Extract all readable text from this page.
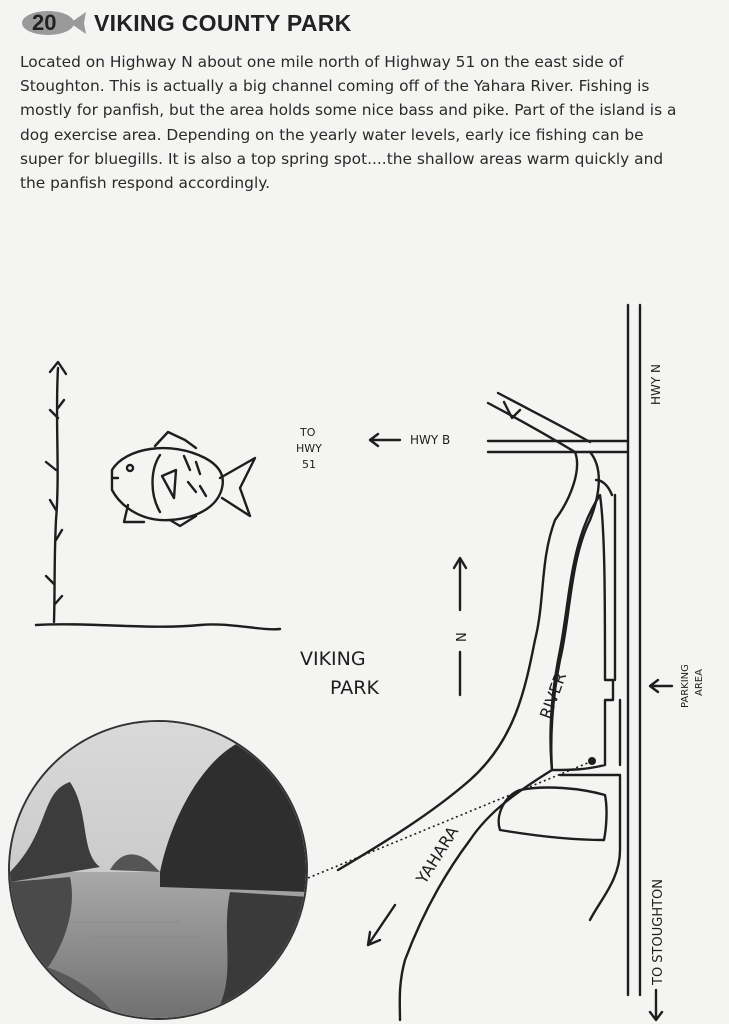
20 VIKING COUNTY PARK
Located on Highway N about one mile north of Highway 51 on the east side of Stoughton. This is actually a big channel coming off of the Yahara River. Fishing is mostly for panfish, but the area holds some nice bass and pike. Part of the island is a dog exercise area. Depending on the yearly water levels, early ice fishing can be super for bluegills. It is also a top spring spot....the shallow areas warm quickly and the panfish respond accordingly.
TO
HWY
51
HWY B
HWY N
VIKING
PARK
N
RIVER
YAHARA
PARKING AREA
TO STOUGHTON
